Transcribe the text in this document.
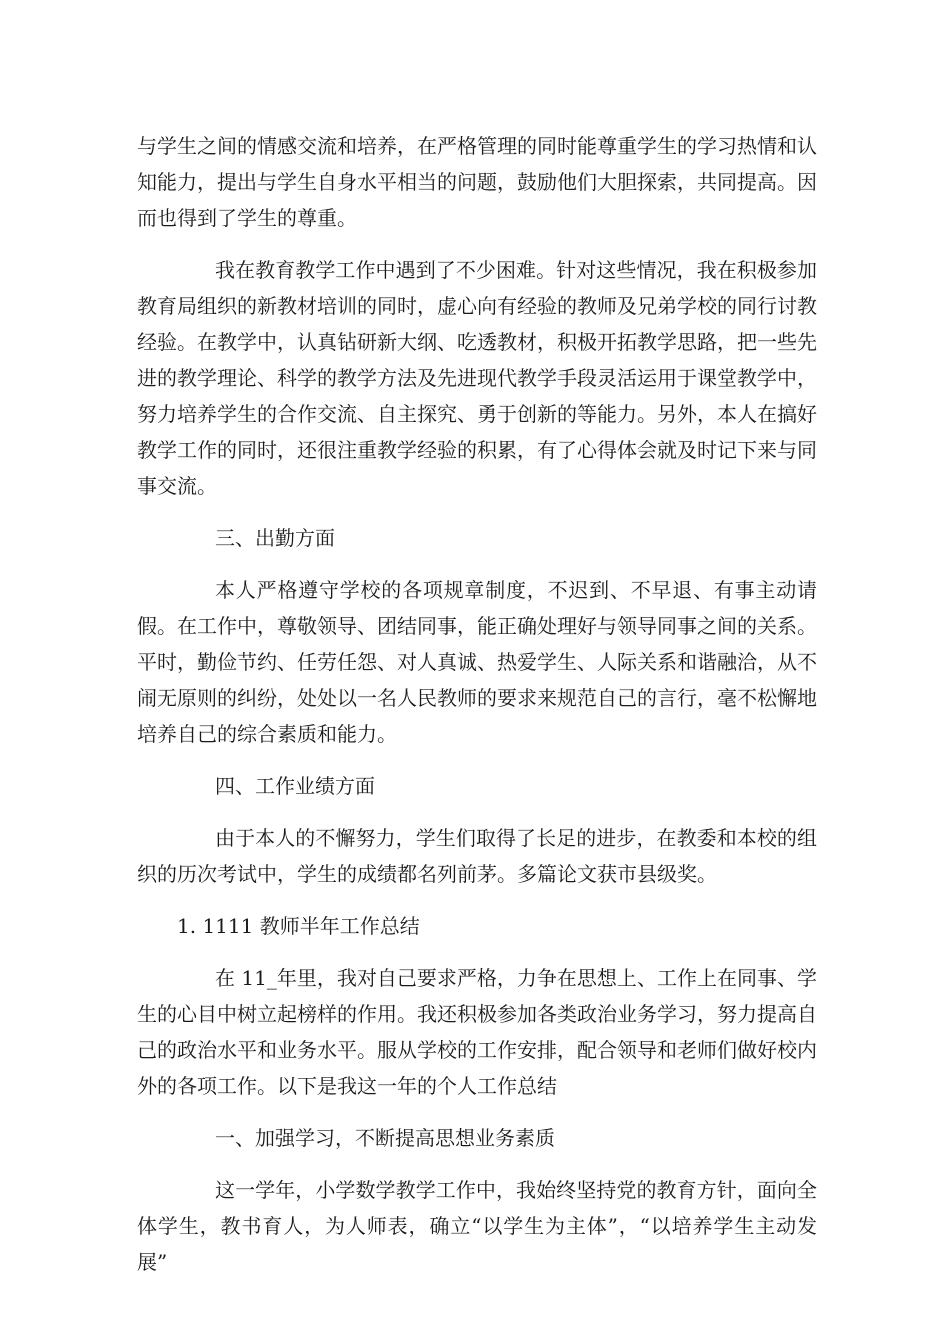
与学生之间的情感交流和培养，在严格管理的同时能尊重学生的学习热情和认知能力，提出与学生自身水平相当的问题，鼓励他们大胆探索，共同提高。因而也得到了学生的尊重。

我在教育教学工作中遇到了不少困难。针对这些情况，我在积极参加教育局组织的新教材培训的同时，虚心向有经验的教师及兄弟学校的同行讨教经验。在教学中，认真钻研新大纲、吃透教材，积极开拓教学思路，把一些先进的教学理论、科学的教学方法及先进现代教学手段灵活运用于课堂教学中，努力培养学生的合作交流、自主探究、勇于创新的等能力。另外，本人在搞好教学工作的同时，还很注重教学经验的积累，有了心得体会就及时记下来与同事交流。

三、出勤方面

本人严格遵守学校的各项规章制度，不迟到、不早退、有事主动请假。在工作中，尊敬领导、团结同事，能正确处理好与领导同事之间的关系。平时，勤俭节约、任劳任怨、对人真诚、热爱学生、人际关系和谐融洽，从不闹无原则的纠纷，处处以一名人民教师的要求来规范自己的言行，毫不松懈地培养自己的综合素质和能力。

四、工作业绩方面

由于本人的不懈努力，学生们取得了长足的进步，在教委和本校的组织的历次考试中，学生的成绩都名列前茅。多篇论文获市县级奖。

1. 1111 教师半年工作总结

在 11_年里，我对自己要求严格，力争在思想上、工作上在同事、学生的心目中树立起榜样的作用。我还积极参加各类政治业务学习，努力提高自己的政治水平和业务水平。服从学校的工作安排，配合领导和老师们做好校内外的各项工作。以下是我这一年的个人工作总结

一、加强学习，不断提高思想业务素质

这一学年，小学数学教学工作中，我始终坚持党的教育方针，面向全体学生，教书育人，为人师表，确立“以学生为主体”，“以培养学生主动发展”
